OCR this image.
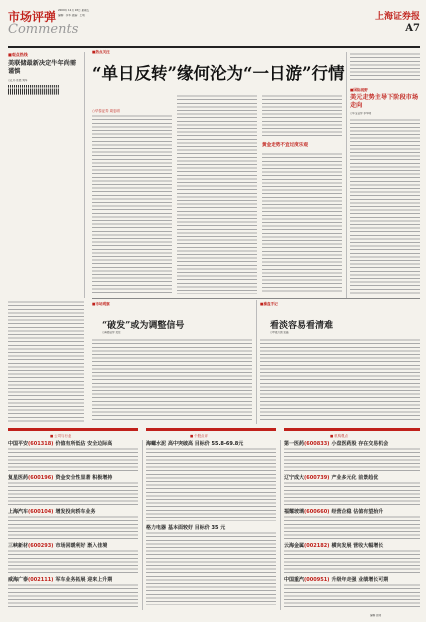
市场评弹 2009年 12月 18日 星期五
编辑：李华 美编：王明
Comments
上海证券报
A7
■观点热线
美联储最新决定牛年尚需谨慎
○江苏 连晨 刘军
▌▌▌▌▌▌▌▌▌▌▌▌▌▌▌▌▌▌▌▌▌▌▌▌▌▌
▌▌▌▌▌▌▌▌▌▌▌▌▌▌▌▌▌▌▌▌▌▌▌▌▌▌
▌▌▌▌▌▌▌▌▌▌▌▌▌▌▌▌▌▌▌▌▌▌▌▌▌▌
“单日反转”缘何沦为“一日游”行情
■热点关注
○华泰证券 周忠明
黄金走势不宜过度乐观
■国际视野
美元走势主导下阶段市场走向
○华宝证券 李华明
■市场观察
“破发”或为调整信号
○海通证券 吴佳
■操盘手记
看淡容易看清难
○申银万国 张磊
■ 公司与行业	■ 个股点评	■ 机构观点
中国平安(601318) 价值有所低估 安全边际高
复星医药(600196) 资金安全性显著 积极增持
上海汽车(600104) 增发投向轿车业务
三峡新材(600293) 市场回暖利好 渐入佳境
威海广泰(002111) 军车业务拓展 迎来上升期
海螺水泥 高中突破高 目标价 55.8-69.8元
格力电器 基本面较好 目标价 35 元
第一医药(600833) 小盘医药股 存在交易机会
辽宁成大(600739) 产业多元化 前景趋优
福耀玻璃(600660) 经营企稳 估值有望抬升
云海金属(002182) 横向发展 营收大幅增长
中国重汽(000951) 升级年走强 业绩增长可期
编辑 张明
